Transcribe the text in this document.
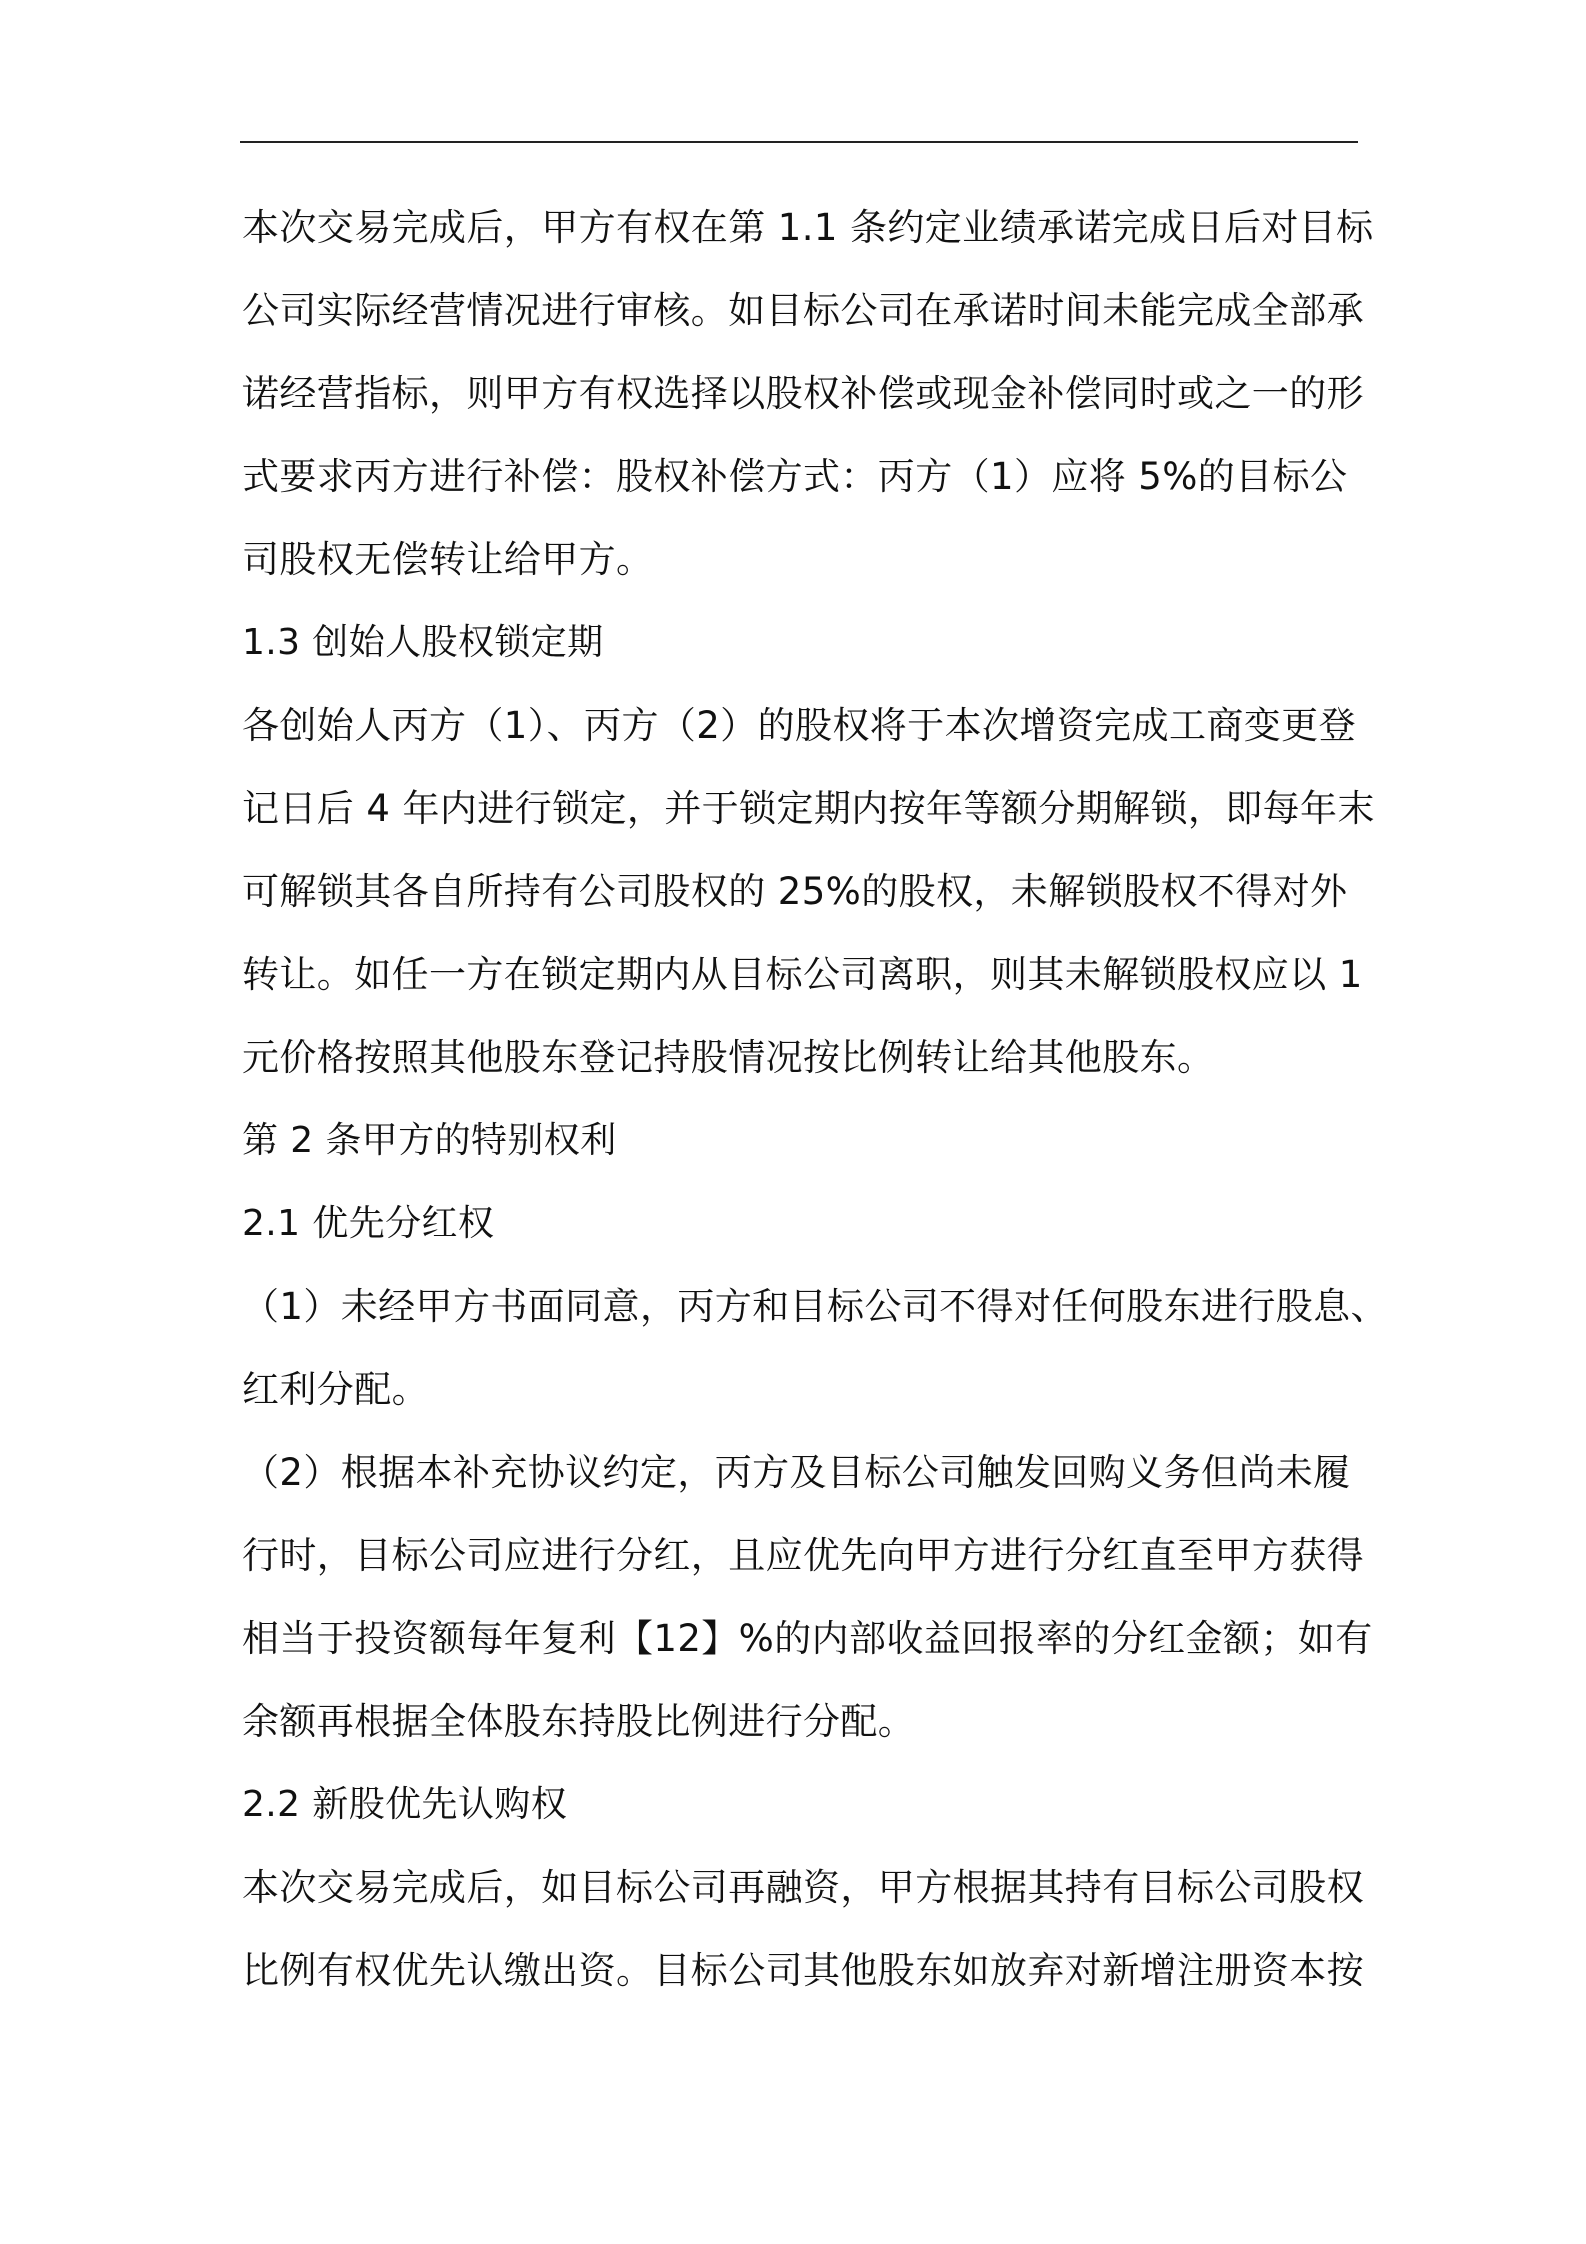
本次交易完成后，甲方有权在第 1.1 条约定业绩承诺完成日后对目标
公司实际经营情况进行审核。如目标公司在承诺时间未能完成全部承
诺经营指标，则甲方有权选择以股权补偿或现金补偿同时或之一的形
式要求丙方进行补偿：股权补偿方式：丙方（1）应将 5%的目标公
司股权无偿转让给甲方。
1.3 创始人股权锁定期
各创始人丙方（1）、丙方（2）的股权将于本次增资完成工商变更登
记日后 4 年内进行锁定，并于锁定期内按年等额分期解锁，即每年末
可解锁其各自所持有公司股权的 25%的股权，未解锁股权不得对外
转让。如任一方在锁定期内从目标公司离职，则其未解锁股权应以 1
元价格按照其他股东登记持股情况按比例转让给其他股东。
第 2 条甲方的特别权利
2.1 优先分红权
（1）未经甲方书面同意，丙方和目标公司不得对任何股东进行股息、
红利分配。
（2）根据本补充协议约定，丙方及目标公司触发回购义务但尚未履
行时，目标公司应进行分红，且应优先向甲方进行分红直至甲方获得
相当于投资额每年复利【12】%的内部收益回报率的分红金额；如有
余额再根据全体股东持股比例进行分配。
2.2 新股优先认购权
本次交易完成后，如目标公司再融资，甲方根据其持有目标公司股权
比例有权优先认缴出资。目标公司其他股东如放弃对新增注册资本按
